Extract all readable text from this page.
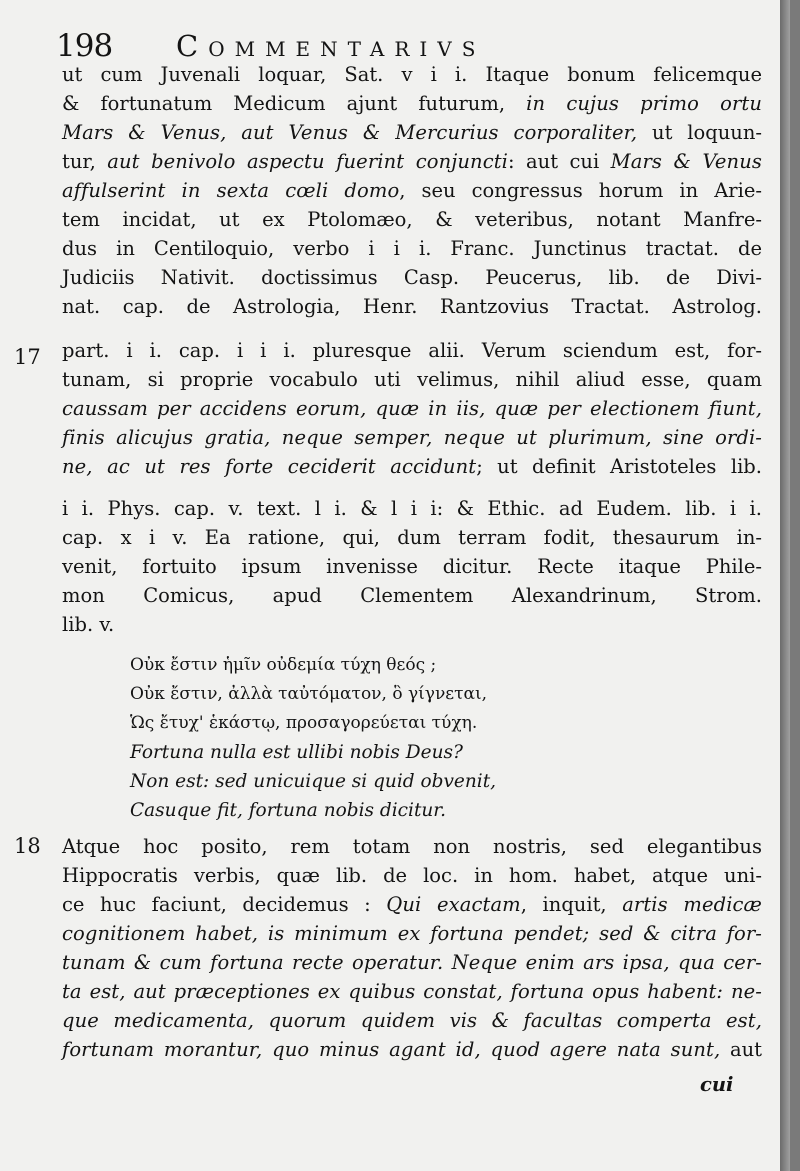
198 Commentarivs
ut cum Juvenali loquar, Sat. v i i. Itaque bonum felicemque
& fortunatum Medicum ajunt futurum, in cujus primo ortu
Mars & Venus, aut Venus & Mercurius corporaliter, ut loquun-
tur, aut benivolo aspectu fuerint conjuncti: aut cui Mars & Venus
affulserint in sexta cœli domo, seu congressus horum in Arie-
tem incidat, ut ex Ptolomæo, & veteribus, notant Manfre-
dus in Centiloquio, verbo i i i. Franc. Junctinus tractat. de
Judiciis Nativit. doctissimus Casp. Peucerus, lib. de Divi-
nat. cap. de Astrologia, Henr. Rantzovius Tractat. Astrolog.
17 part. i i. cap. i i i. pluresque alii. Verum sciendum est, for-
tunam, si proprie vocabulo uti velimus, nihil aliud esse, quam
caussam per accidens eorum, quæ in iis, quæ per electionem fiunt,
finis alicujus gratia, neque semper, neque ut plurimum, sine ordi-
ne, ac ut res forte ceciderit accidunt; ut definit Aristoteles lib.
i i. Phys. cap. v. text. l i. & l i i: & Ethic. ad Eudem. lib. i i.
cap. x i v. Ea ratione, qui, dum terram fodit, thesaurum in-
venit, fortuito ipsum invenisse dicitur. Recte itaque Phile-
mon Comicus, apud Clementem Alexandrinum, Strom.
lib. v.
Οὐκ ἔστιν ἡμῖν οὐδεμία τύχη θεός ;
Οὐκ ἔστιν, ἀλλὰ ταὐτόματον, ὃ γίγνεται,
Ὡς ἔτυχ' ἑκάστῳ, προσαγορεύεται τύχη.
Fortuna nulla est ullibi nobis Deus?
Non est: sed unicuique si quid obvenit,
Casuque fit, fortuna nobis dicitur.
18 Atque hoc posito, rem totam non nostris, sed elegantibus
Hippocratis verbis, quæ lib. de loc. in hom. habet, atque uni-
ce huc faciunt, decidemus : Qui exactam, inquit, artis medicæ
cognitionem habet, is minimum ex fortuna pendet; sed & citra for-
tunam & cum fortuna recte operatur. Neque enim ars ipsa, qua cer-
ta est, aut præceptiones ex quibus constat, fortuna opus habent: ne-
que medicamenta, quorum quidem vis & facultas comperta est,
fortunam morantur, quo minus agant id, quod agere nata sunt, aut
cui
